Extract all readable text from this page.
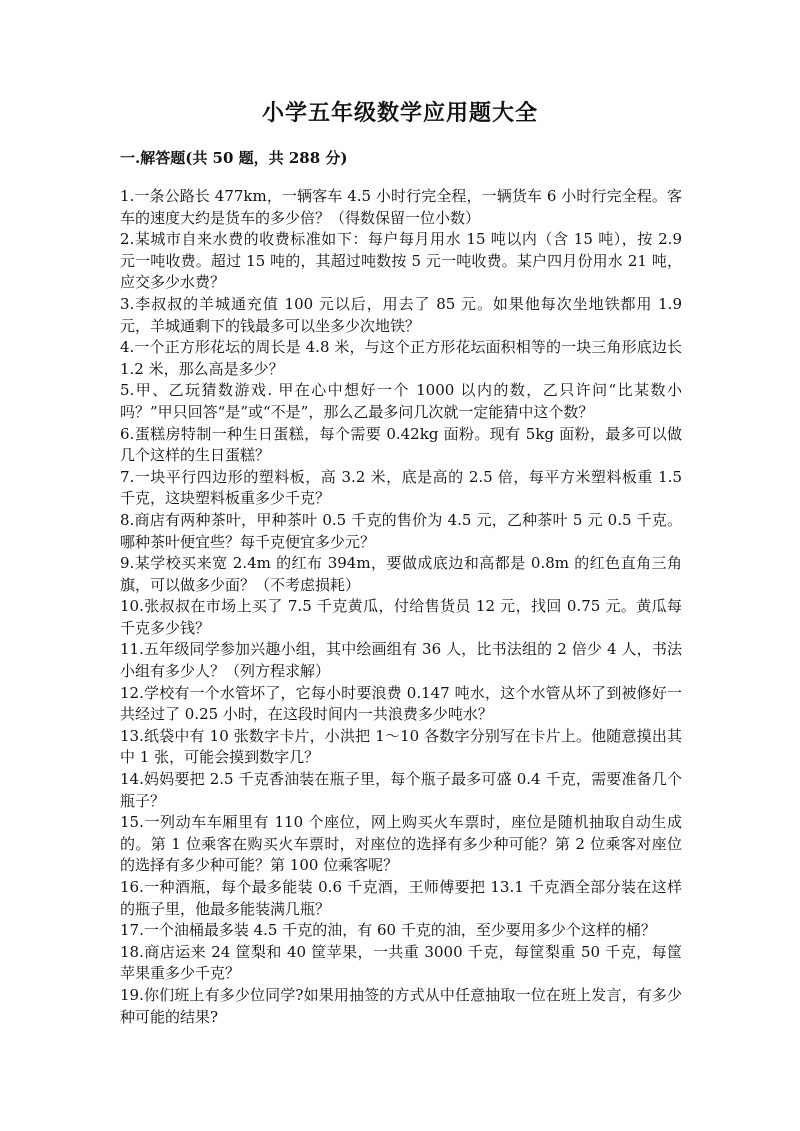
小学五年级数学应用题大全
一.解答题(共 50 题，共 288 分)

1.一条公路长 477km，一辆客车 4.5 小时行完全程，一辆货车 6 小时行完全程。客车的速度大约是货车的多少倍？（得数保留一位小数）

2.某城市自来水费的收费标准如下：每户每月用水 15 吨以内（含 15 吨），按 2.9 元一吨收费。超过 15 吨的，其超过吨数按 5 元一吨收费。某户四月份用水 21 吨，应交多少水费？

3.李叔叔的羊城通充值 100 元以后，用去了 85 元。如果他每次坐地铁都用 1.9 元，羊城通剩下的钱最多可以坐多少次地铁？

4.一个正方形花坛的周长是 4.8 米，与这个正方形花坛面积相等的一块三角形底边长 1.2 米，那么高是多少？

5.甲、乙玩猜数游戏. 甲在心中想好一个 1000 以内的数，乙只许问“比某数小吗？”甲只回答“是”或“不是”，那么乙最多问几次就一定能猜中这个数？

6.蛋糕房特制一种生日蛋糕，每个需要 0.42kg 面粉。现有 5kg 面粉，最多可以做几个这样的生日蛋糕？

7.一块平行四边形的塑料板，高 3.2 米，底是高的 2.5 倍，每平方米塑料板重 1.5 千克，这块塑料板重多少千克？

8.商店有两种茶叶，甲种茶叶 0.5 千克的售价为 4.5 元，乙种茶叶 5 元 0.5 千克。哪种茶叶便宜些？每千克便宜多少元？

9.某学校买来宽 2.4m 的红布 394m，要做成底边和高都是 0.8m 的红色直角三角旗，可以做多少面？（不考虑损耗）

10.张叔叔在市场上买了 7.5 千克黄瓜，付给售货员 12 元，找回 0.75 元。黄瓜每千克多少钱？

11.五年级同学参加兴趣小组，其中绘画组有 36 人，比书法组的 2 倍少 4 人，书法小组有多少人？（列方程求解）

12.学校有一个水管坏了，它每小时要浪费 0.147 吨水，这个水管从坏了到被修好一共经过了 0.25 小时，在这段时间内一共浪费多少吨水？

13.纸袋中有 10 张数字卡片，小洪把 1～10 各数字分别写在卡片上。他随意摸出其中 1 张，可能会摸到数字几？

14.妈妈要把 2.5 千克香油装在瓶子里，每个瓶子最多可盛 0.4 千克，需要准备几个瓶子？

15.一列动车车厢里有 110 个座位，网上购买火车票时，座位是随机抽取自动生成的。第 1 位乘客在购买火车票时，对座位的选择有多少种可能？第 2 位乘客对座位的选择有多少种可能？第 100 位乘客呢？

16.一种酒瓶，每个最多能装 0.6 千克酒，王师傅要把 13.1 千克酒全部分装在这样的瓶子里，他最多能装满几瓶？

17.一个油桶最多装 4.5 千克的油，有 60 千克的油，至少要用多少个这样的桶？

18.商店运来 24 筐梨和 40 筐苹果，一共重 3000 千克，每筐梨重 50 千克，每筐苹果重多少千克？

19.你们班上有多少位同学?如果用抽签的方式从中任意抽取一位在班上发言，有多少种可能的结果?
